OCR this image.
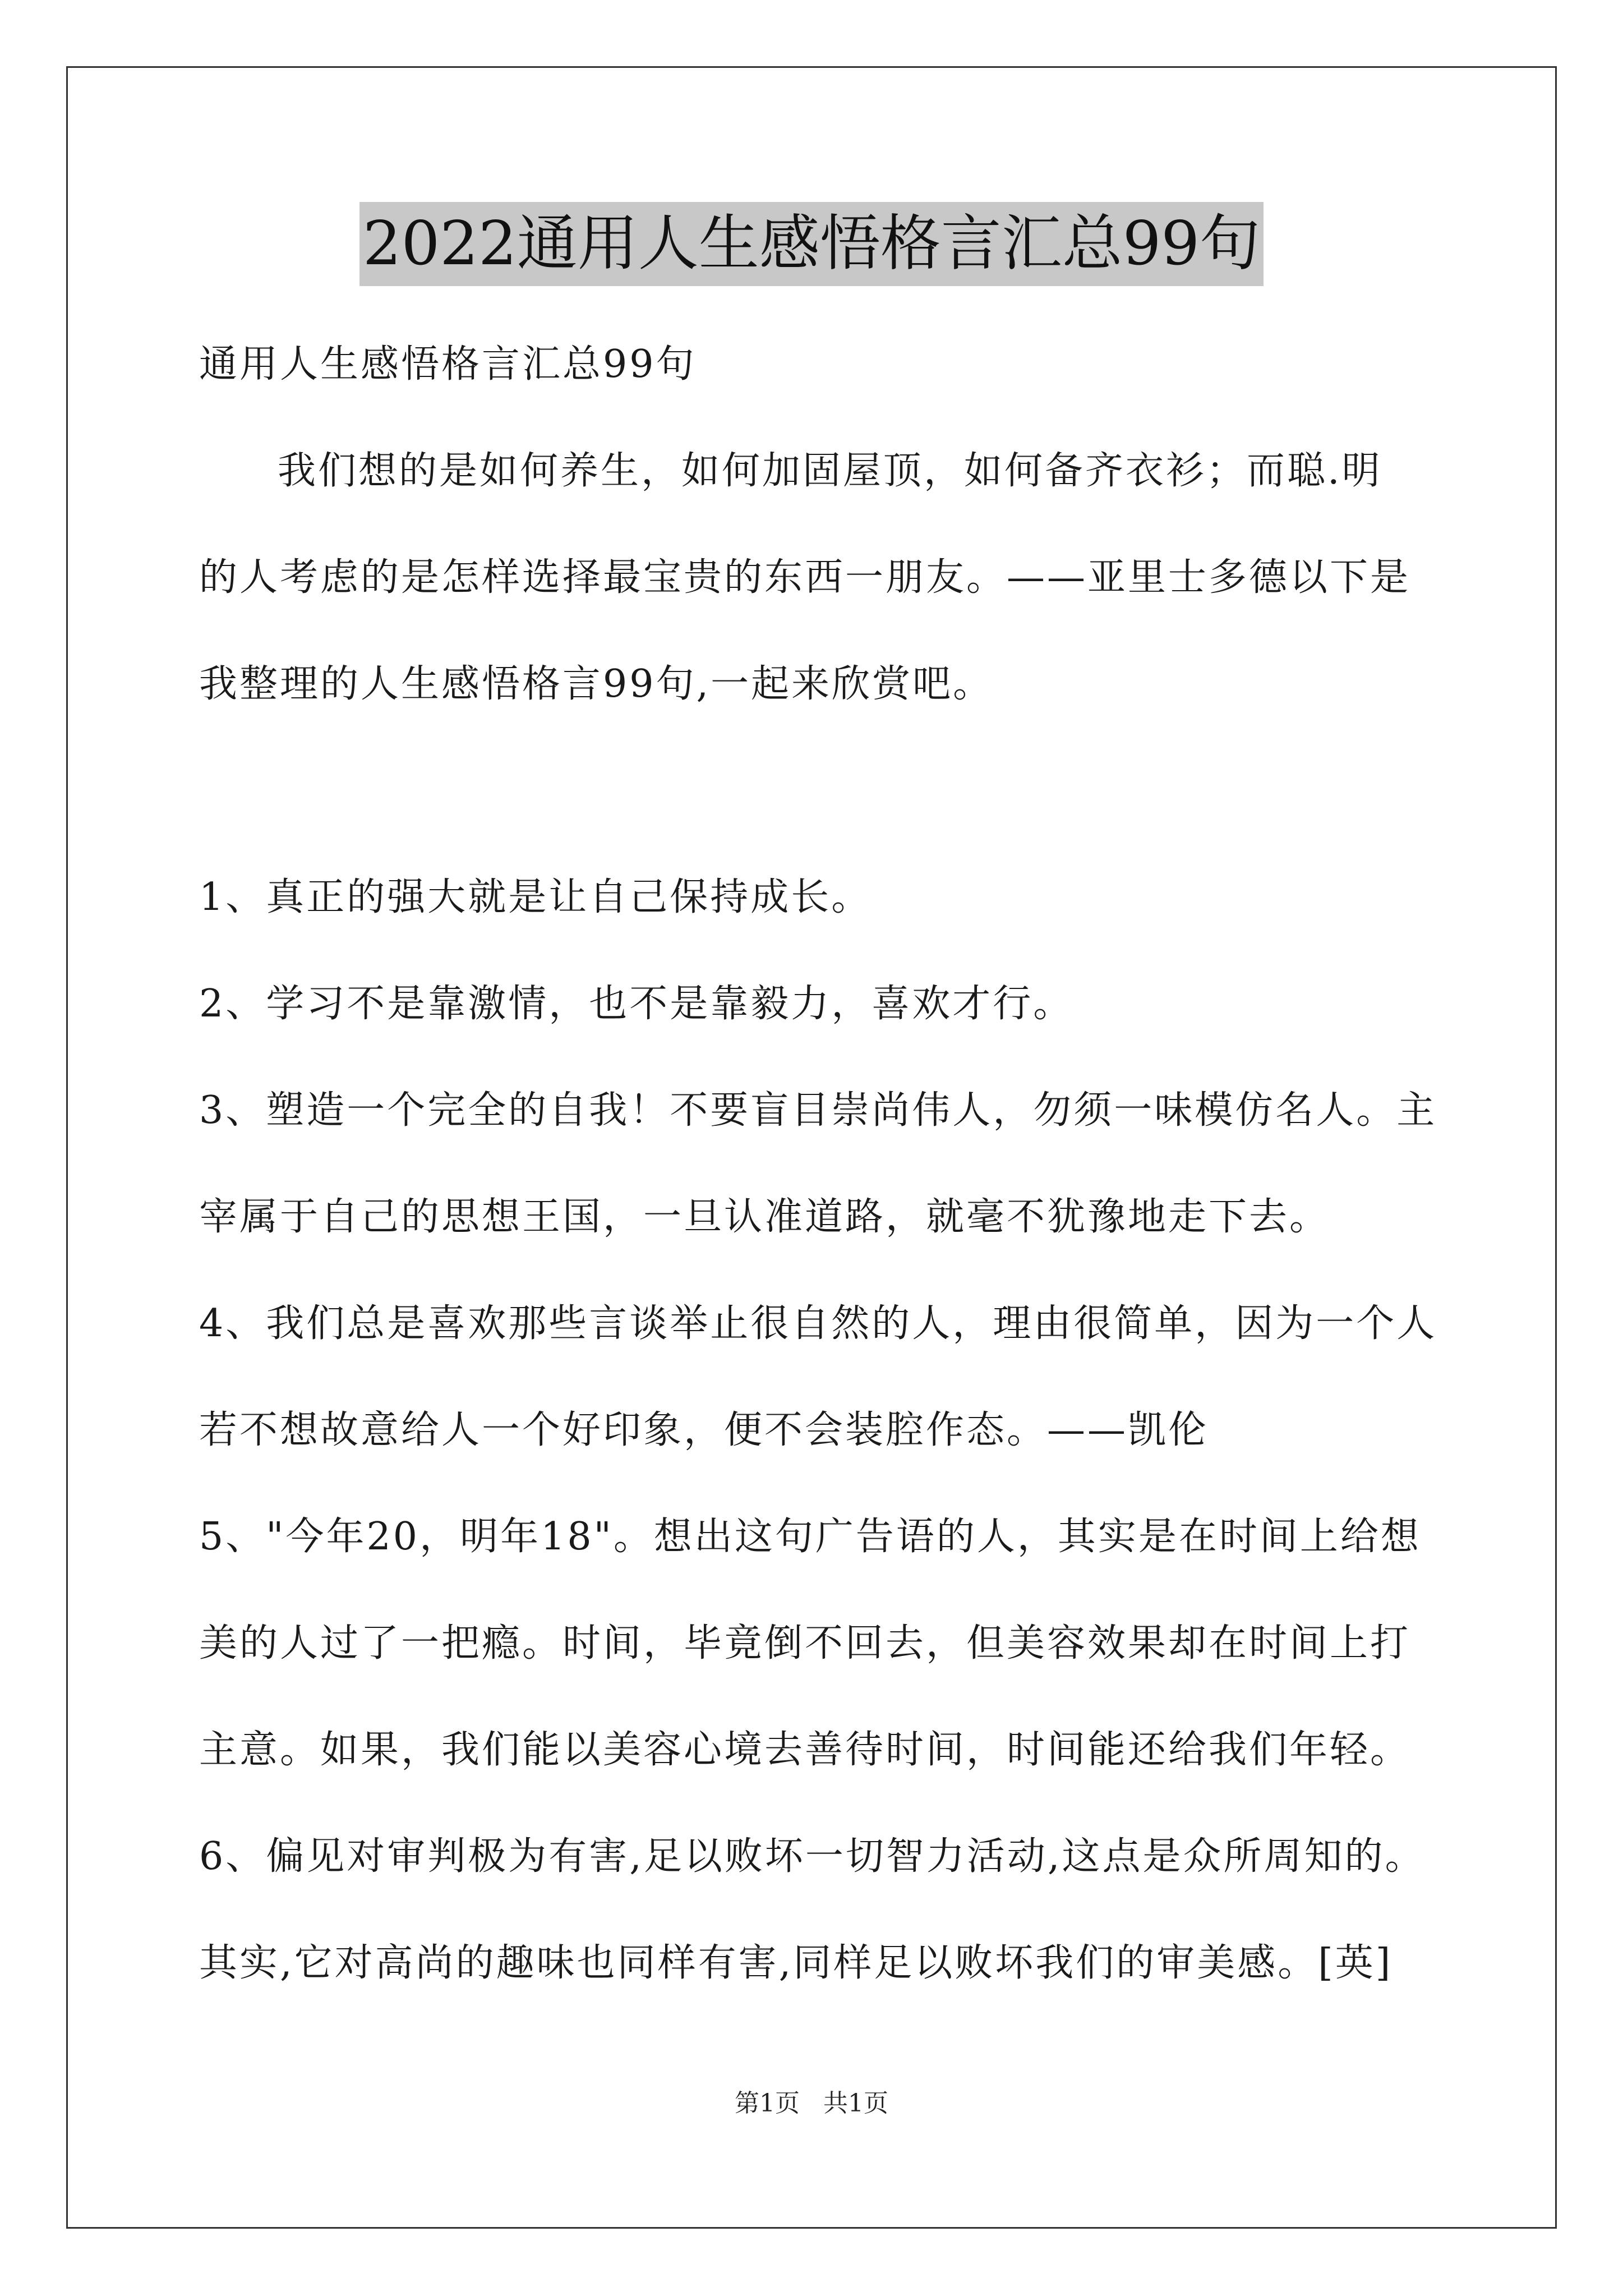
2022通用人生感悟格言汇总99句
通用人生感悟格言汇总99句
我们想的是如何养生，如何加固屋顶，如何备齐衣衫；而聪.明
的人考虑的是怎样选择最宝贵的东西一朋友。——亚里士多德以下是
我整理的人生感悟格言99句,一起来欣赏吧。
1、真正的强大就是让自己保持成长。
2、学习不是靠激情，也不是靠毅力，喜欢才行。
3、塑造一个完全的自我！不要盲目崇尚伟人，勿须一味模仿名人。主
宰属于自己的思想王国，一旦认准道路，就毫不犹豫地走下去。
4、我们总是喜欢那些言谈举止很自然的人，理由很简单，因为一个人
若不想故意给人一个好印象，便不会装腔作态。——凯伦
5、"今年20，明年18"。想出这句广告语的人，其实是在时间上给想
美的人过了一把瘾。时间，毕竟倒不回去，但美容效果却在时间上打
主意。如果，我们能以美容心境去善待时间，时间能还给我们年轻。
6、偏见对审判极为有害,足以败坏一切智力活动,这点是众所周知的。
其实,它对高尚的趣味也同样有害,同样足以败坏我们的审美感。[英]
第1页   共1页
